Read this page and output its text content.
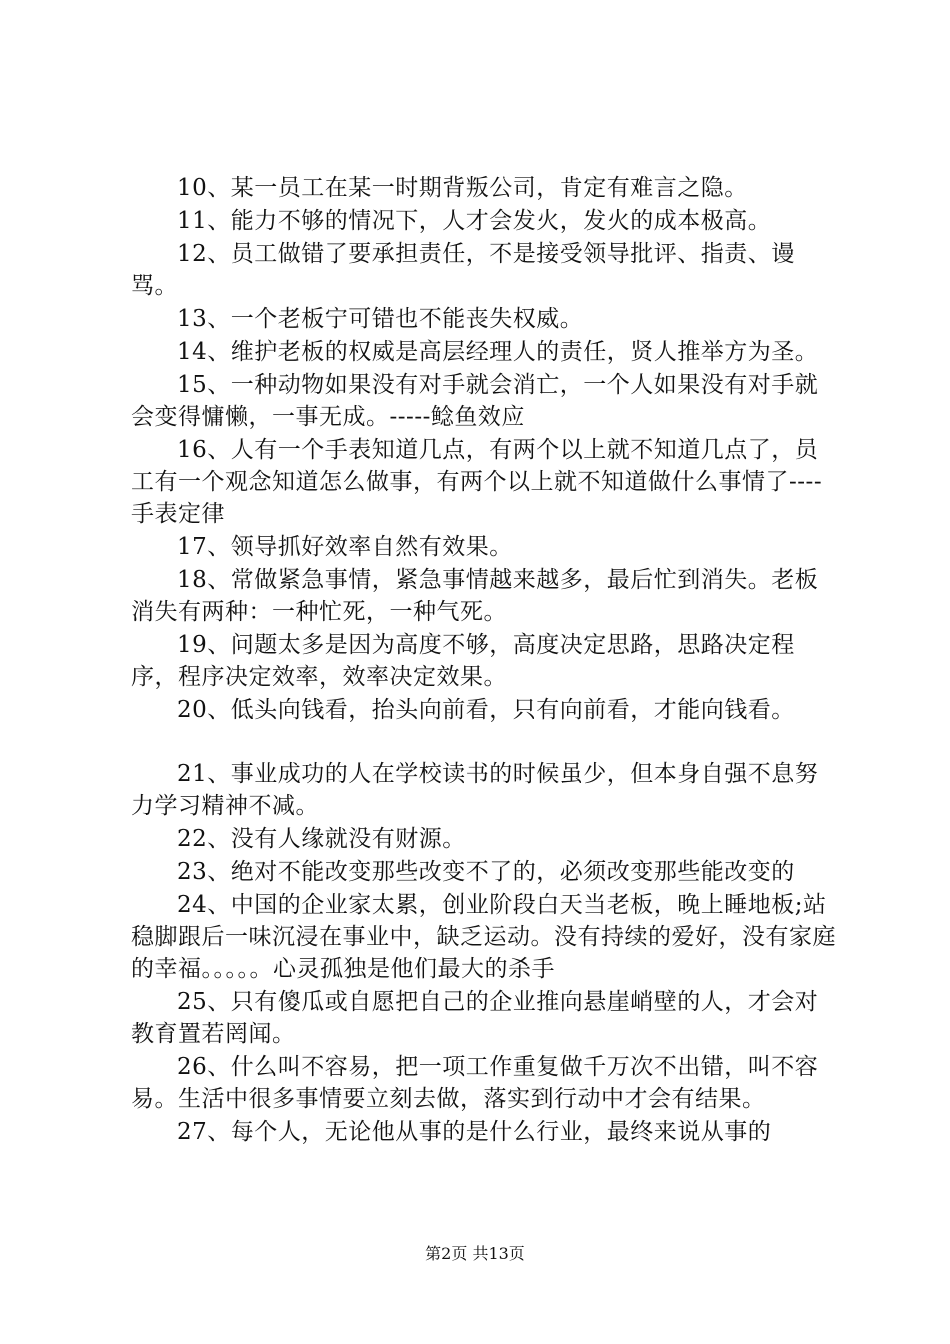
10、某一员工在某一时期背叛公司，肯定有难言之隐。

11、能力不够的情况下，人才会发火，发火的成本极高。

12、员工做错了要承担责任，不是接受领导批评、指责、谩骂。

13、一个老板宁可错也不能丧失权威。

14、维护老板的权威是高层经理人的责任，贤人推举方为圣。

15、一种动物如果没有对手就会消亡，一个人如果没有对手就会变得慵懒，一事无成。-----鲶鱼效应

16、人有一个手表知道几点，有两个以上就不知道几点了，员工有一个观念知道怎么做事，有两个以上就不知道做什么事情了----手表定律

17、领导抓好效率自然有效果。

18、常做紧急事情，紧急事情越来越多，最后忙到消失。老板消失有两种：一种忙死，一种气死。

19、问题太多是因为高度不够，高度决定思路，思路决定程序，程序决定效率，效率决定效果。

20、低头向钱看，抬头向前看，只有向前看，才能向钱看。

21、事业成功的人在学校读书的时候虽少，但本身自强不息努力学习精神不减。

22、没有人缘就没有财源。

23、绝对不能改变那些改变不了的，必须改变那些能改变的

24、中国的企业家太累，创业阶段白天当老板，晚上睡地板;站稳脚跟后一味沉浸在事业中，缺乏运动。没有持续的爱好，没有家庭的幸福。。。。。心灵孤独是他们最大的杀手

25、只有傻瓜或自愿把自己的企业推向悬崖峭壁的人，才会对教育置若罔闻。

26、什么叫不容易，把一项工作重复做千万次不出错，叫不容易。生活中很多事情要立刻去做，落实到行动中才会有结果。

27、每个人，无论他从事的是什么行业，最终来说从事的

第2页 共13页
